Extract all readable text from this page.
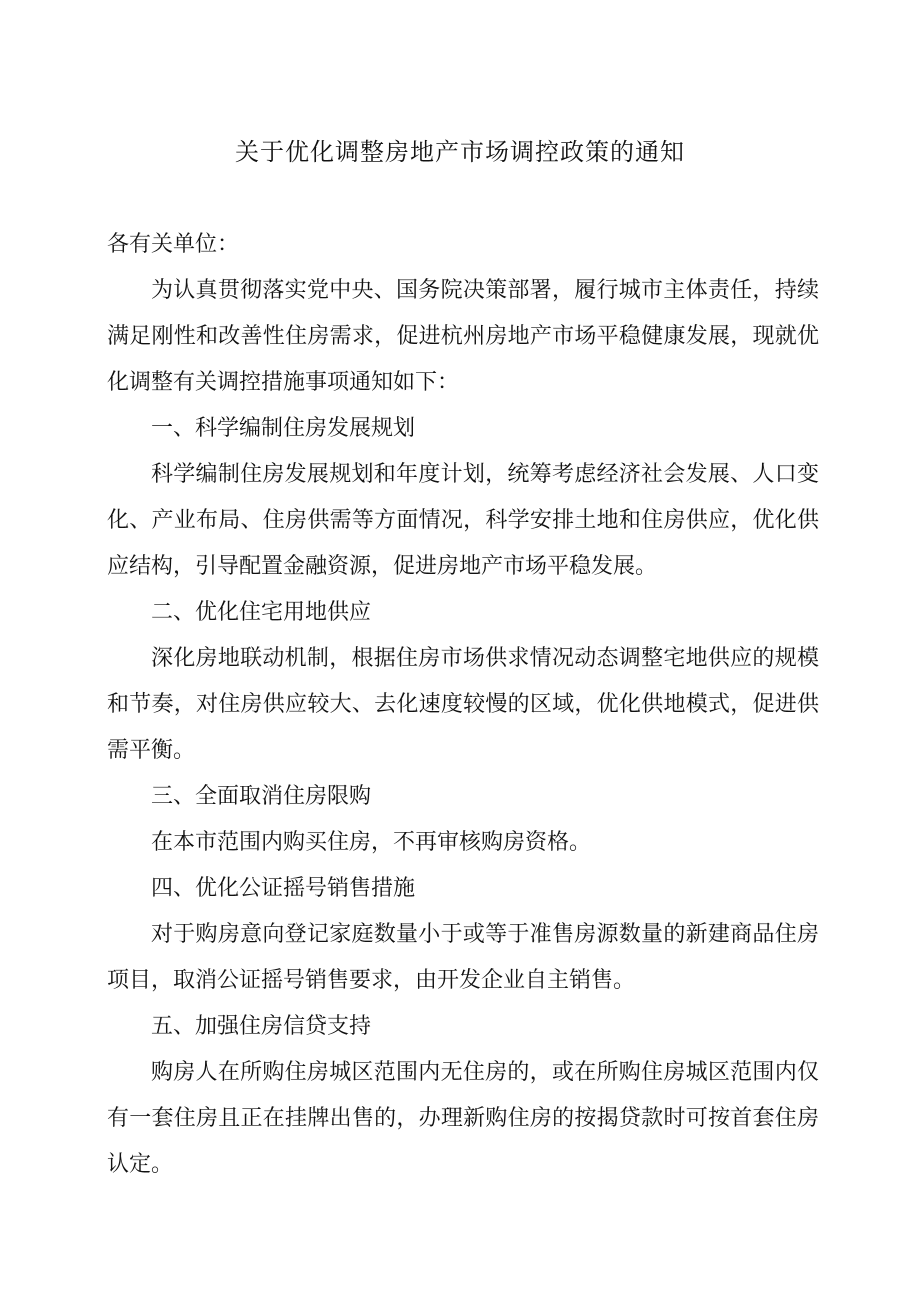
关于优化调整房地产市场调控政策的通知
各有关单位：

为认真贯彻落实党中央、国务院决策部署，履行城市主体责任，持续满足刚性和改善性住房需求，促进杭州房地产市场平稳健康发展，现就优化调整有关调控措施事项通知如下：

一、科学编制住房发展规划

科学编制住房发展规划和年度计划，统筹考虑经济社会发展、人口变化、产业布局、住房供需等方面情况，科学安排土地和住房供应，优化供应结构，引导配置金融资源，促进房地产市场平稳发展。

二、优化住宅用地供应

深化房地联动机制，根据住房市场供求情况动态调整宅地供应的规模和节奏，对住房供应较大、去化速度较慢的区域，优化供地模式，促进供需平衡。

三、全面取消住房限购

在本市范围内购买住房，不再审核购房资格。

四、优化公证摇号销售措施

对于购房意向登记家庭数量小于或等于准售房源数量的新建商品住房项目，取消公证摇号销售要求，由开发企业自主销售。

五、加强住房信贷支持

购房人在所购住房城区范围内无住房的，或在所购住房城区范围内仅有一套住房且正在挂牌出售的，办理新购住房的按揭贷款时可按首套住房认定。
